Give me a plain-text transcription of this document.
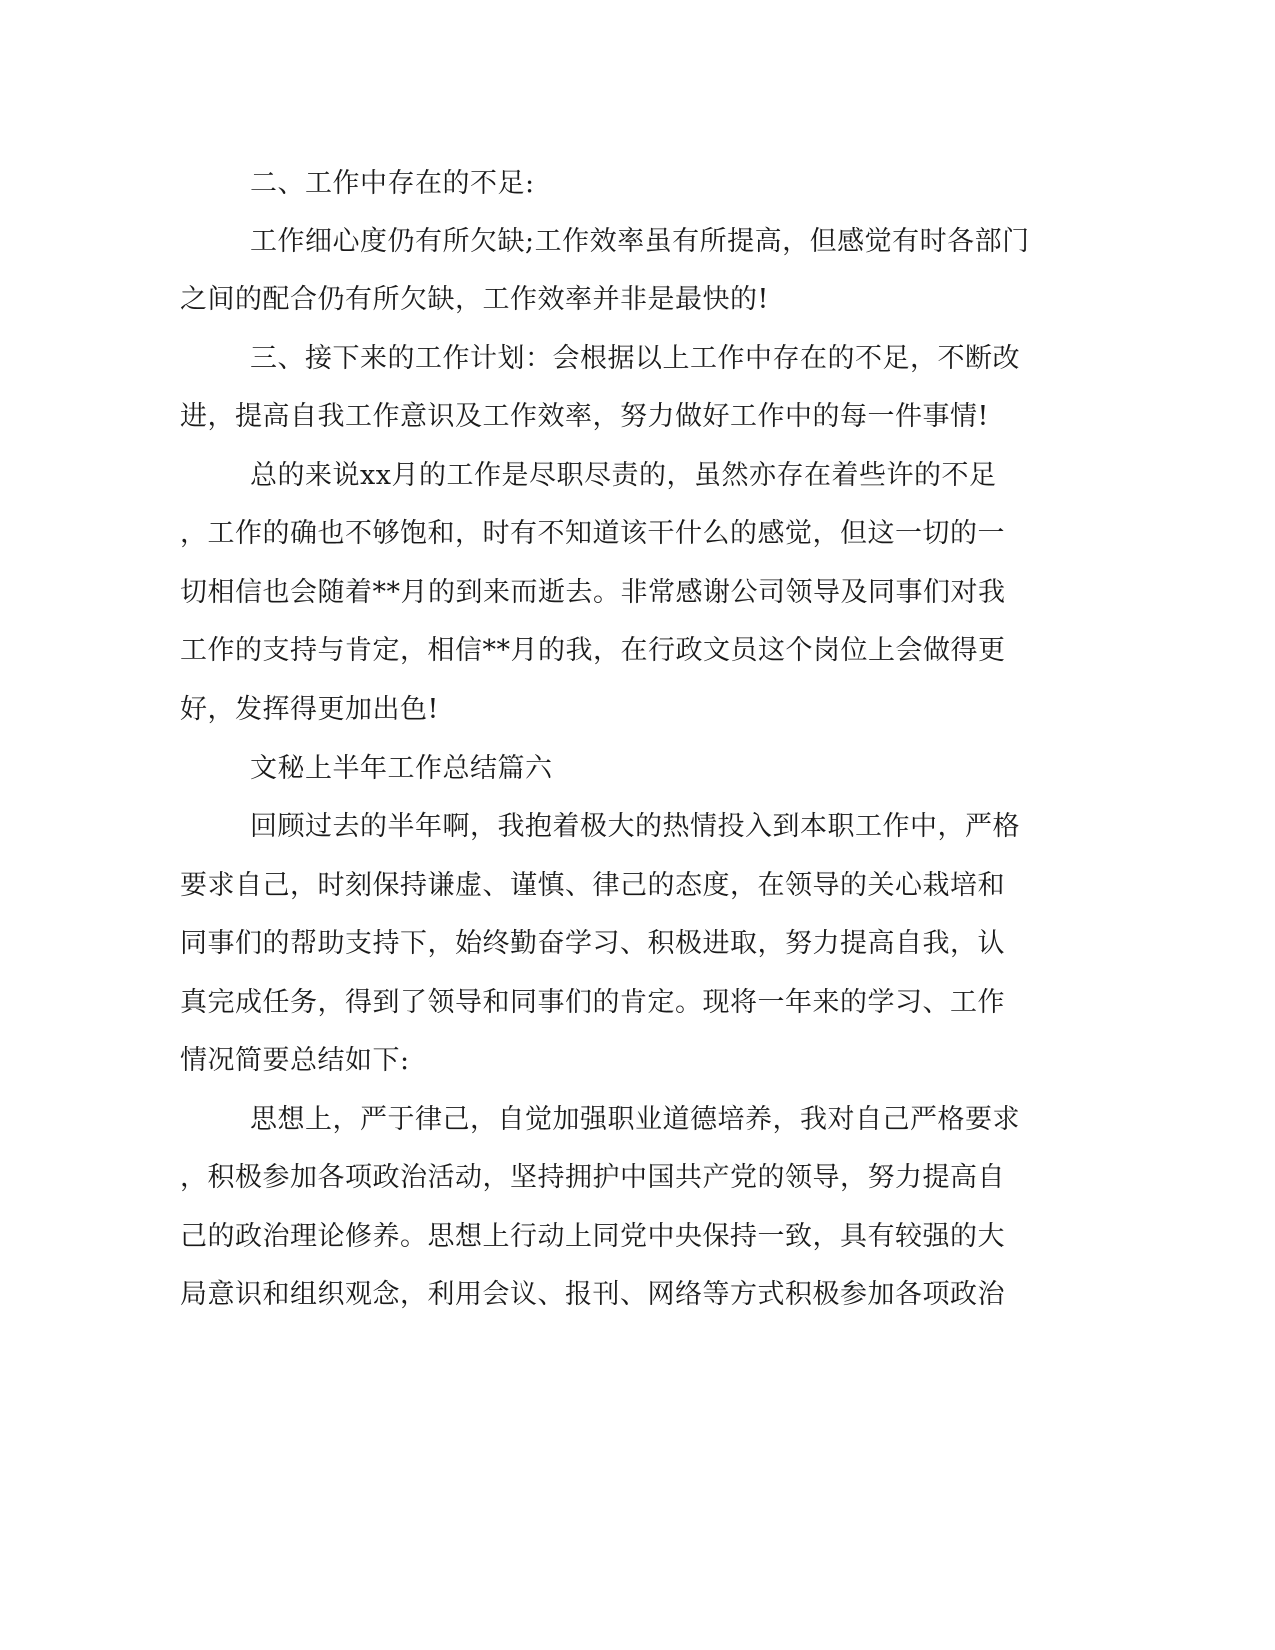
二、工作中存在的不足:
工作细心度仍有所欠缺;工作效率虽有所提高，但感觉有时各部门
之间的配合仍有所欠缺，工作效率并非是最快的!
三、接下来的工作计划：会根据以上工作中存在的不足，不断改
进，提高自我工作意识及工作效率，努力做好工作中的每一件事情!
总的来说xx月的工作是尽职尽责的，虽然亦存在着些许的不足
，工作的确也不够饱和，时有不知道该干什么的感觉，但这一切的一
切相信也会随着**月的到来而逝去。非常感谢公司领导及同事们对我
工作的支持与肯定，相信**月的我，在行政文员这个岗位上会做得更
好，发挥得更加出色!
文秘上半年工作总结篇六
回顾过去的半年啊，我抱着极大的热情投入到本职工作中，严格
要求自己，时刻保持谦虚、谨慎、律己的态度，在领导的关心栽培和
同事们的帮助支持下，始终勤奋学习、积极进取，努力提高自我，认
真完成任务，得到了领导和同事们的肯定。现将一年来的学习、工作
情况简要总结如下:
思想上，严于律己，自觉加强职业道德培养，我对自己严格要求
，积极参加各项政治活动，坚持拥护中国共产党的领导，努力提高自
己的政治理论修养。思想上行动上同党中央保持一致，具有较强的大
局意识和组织观念，利用会议、报刊、网络等方式积极参加各项政治
